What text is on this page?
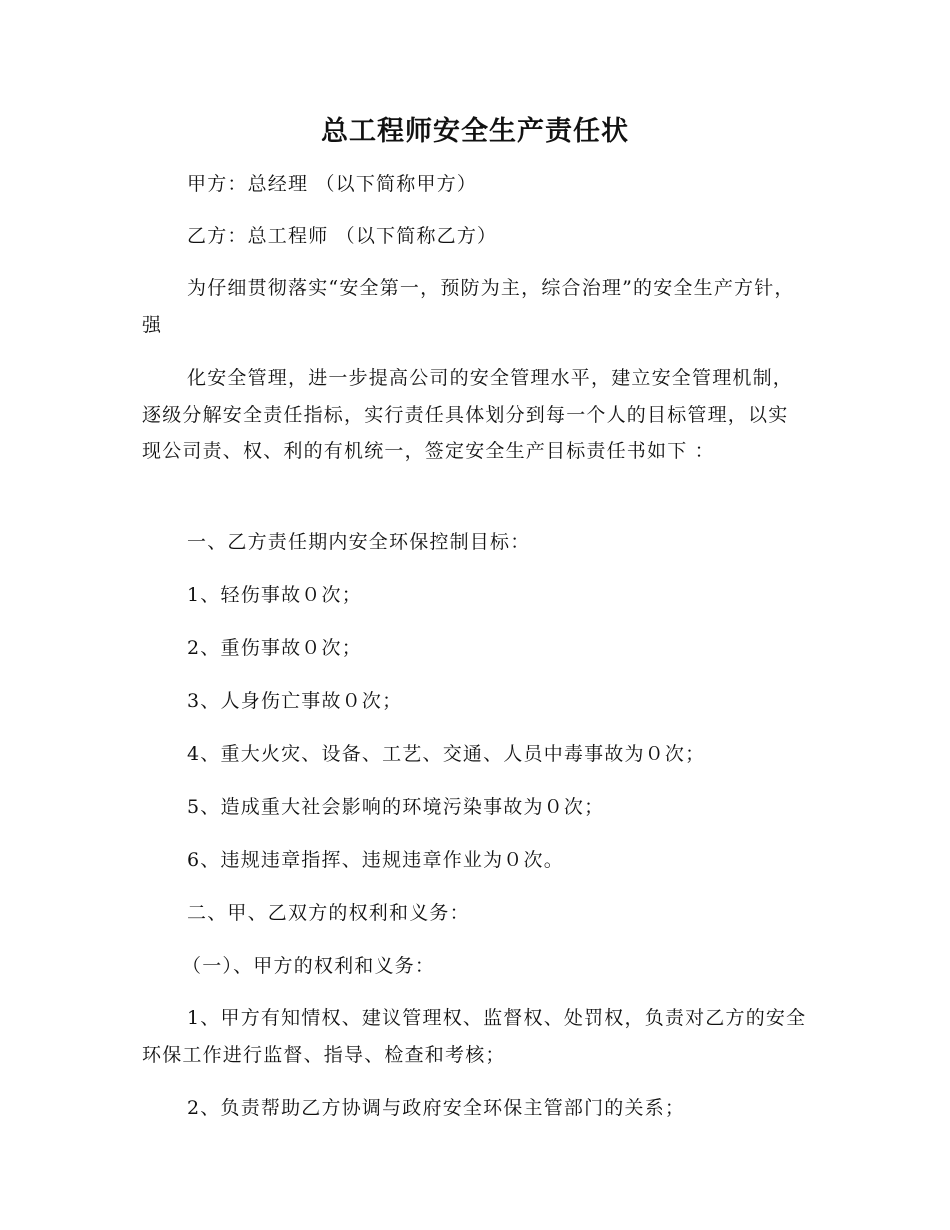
总工程师安全生产责任状

甲方：总经理 （以下简称甲方）

乙方：总工程师 （以下简称乙方）

为仔细贯彻落实“安全第一，预防为主，综合治理”的安全生产方针，强

化安全管理，进一步提高公司的安全管理水平，建立安全管理机制，逐级分解安全责任指标，实行责任具体划分到每一个人的目标管理，以实现公司责、权、利的有机统一，签定安全生产目标责任书如下 ：

一、乙方责任期内安全环保控制目标：

1、轻伤事故０次；

2、重伤事故０次；

3、人身伤亡事故０次；

4、重大火灾、设备、工艺、交通、人员中毒事故为０次；

5、造成重大社会影响的环境污染事故为０次；

6、违规违章指挥、违规违章作业为０次。

二、甲、乙双方的权利和义务：

（一）、甲方的权利和义务：

1、甲方有知情权、建议管理权、监督权、处罚权，负责对乙方的安全环保工作进行监督、指导、检查和考核；

2、负责帮助乙方协调与政府安全环保主管部门的关系；
